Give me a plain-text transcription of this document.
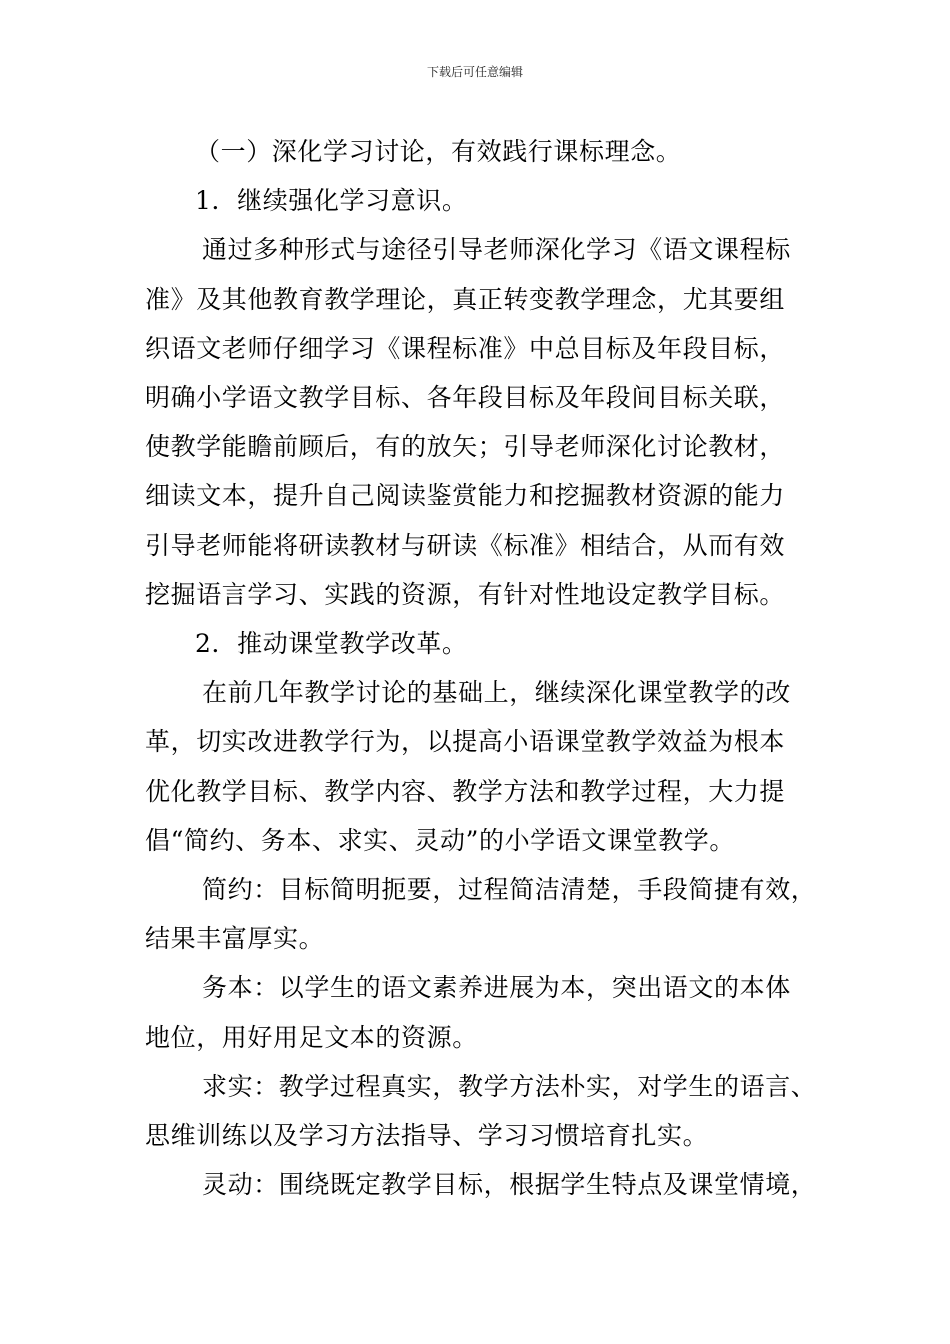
下载后可任意编辑

（一）深化学习讨论，有效践行课标理念。

1．继续强化学习意识。

通过多种形式与途径引导老师深化学习《语文课程标

准》及其他教育教学理论，真正转变教学理念，尤其要组

织语文老师仔细学习《课程标准》中总目标及年段目标，

明确小学语文教学目标、各年段目标及年段间目标关联，

使教学能瞻前顾后，有的放矢；引导老师深化讨论教材，

细读文本，提升自己阅读鉴赏能力和挖掘教材资源的能力

引导老师能将研读教材与研读《标准》相结合，从而有效

挖掘语言学习、实践的资源，有针对性地设定教学目标。

2．推动课堂教学改革。

在前几年教学讨论的基础上，继续深化课堂教学的改

革，切实改进教学行为，以提高小语课堂教学效益为根本

优化教学目标、教学内容、教学方法和教学过程，大力提

倡“简约、务本、求实、灵动”的小学语文课堂教学。

简约：目标简明扼要，过程简洁清楚，手段简捷有效，

结果丰富厚实。

务本：以学生的语文素养进展为本，突出语文的本体

地位，用好用足文本的资源。

求实：教学过程真实，教学方法朴实，对学生的语言、

思维训练以及学习方法指导、学习习惯培育扎实。

灵动：围绕既定教学目标，根据学生特点及课堂情境，
